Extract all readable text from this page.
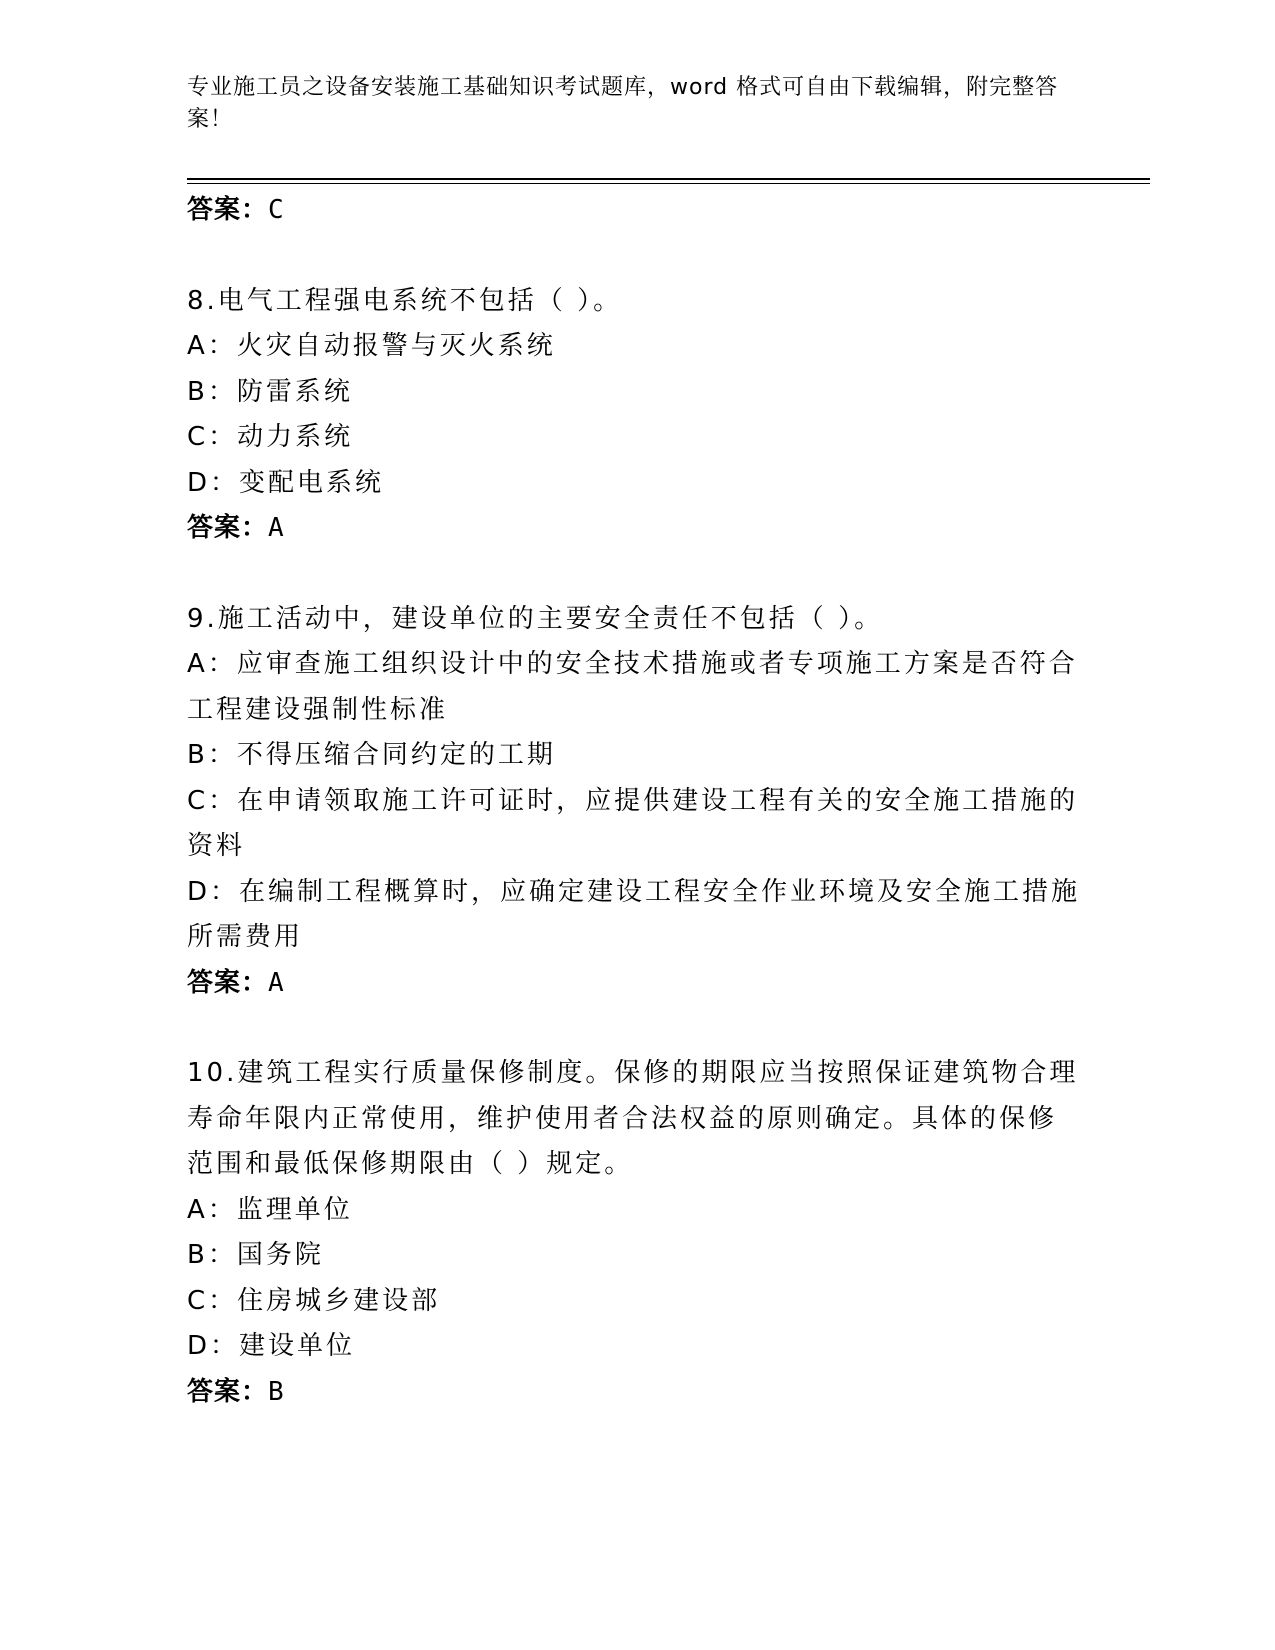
专业施工员之设备安装施工基础知识考试题库，word 格式可自由下载编辑，附完整答案！
答案：C
8.电气工程强电系统不包括（ ）。
A：火灾自动报警与灭火系统
B：防雷系统
C：动力系统
D：变配电系统
答案：A
9.施工活动中，建设单位的主要安全责任不包括（ ）。
A：应审查施工组织设计中的安全技术措施或者专项施工方案是否符合
工程建设强制性标准
B：不得压缩合同约定的工期
C：在申请领取施工许可证时，应提供建设工程有关的安全施工措施的
资料
D：在编制工程概算时，应确定建设工程安全作业环境及安全施工措施
所需费用
答案：A
10.建筑工程实行质量保修制度。保修的期限应当按照保证建筑物合理
寿命年限内正常使用，维护使用者合法权益的原则确定。具体的保修
范围和最低保修期限由（ ）规定。
A：监理单位
B：国务院
C：住房城乡建设部
D：建设单位
答案：B
